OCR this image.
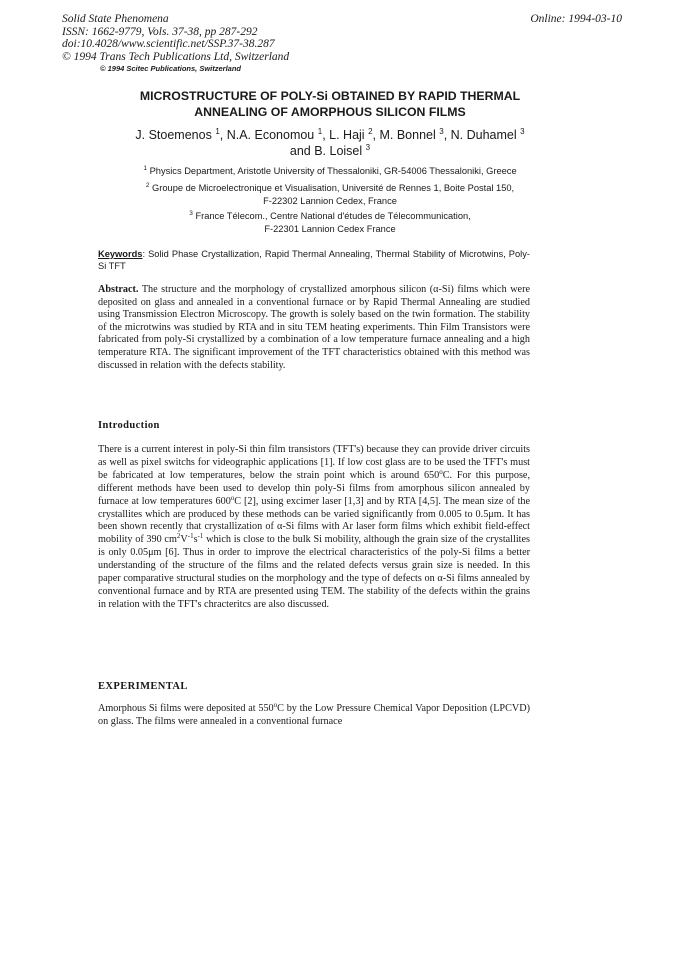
Solid State Phenomena
ISSN: 1662-9779, Vols. 37-38, pp 287-292
doi:10.4028/www.scientific.net/SSP.37-38.287
© 1994 Trans Tech Publications Ltd, Switzerland
Online: 1994-03-10
© 1994 Scitec Publications, Switzerland
MICROSTRUCTURE OF POLY-Si OBTAINED BY RAPID THERMAL
ANNEALING OF AMORPHOUS SILICON FILMS
J. Stoemenos $^1$, N.A. Economou $^1$, L. Haji $^2$, M. Bonnel $^3$, N. Duhamel $^3$
and B. Loisel $^3$
$^1$ Physics Department, Aristotle University of Thessaloniki, GR-54006 Thessaloniki, Greece
$^2$ Groupe de Microelectronique et Visualisation, Université de Rennes 1, Boite Postal 150,
F-22302 Lannion Cedex, France
$^3$ France Télecom., Centre National d'études de Télecommunication,
F-22301 Lannion Cedex France
Keywords: Solid Phase Crystallization, Rapid Thermal Annealing, Thermal Stability of Microtwins, Poly-Si TFT
Abstract. The structure and the morphology of crystallized amorphous silicon (α-Si) films which were deposited on glass and annealed in a conventional furnace or by Rapid Thermal Annealing are studied using Transmission Electron Microscopy. The growth is solely based on the twin formation. The stability of the microtwins was studied by RTA and in situ TEM heating experiments. Thin Film Transistors were fabricated from poly-Si crystallized by a combination of a low temperature furnace annealing and a high temperature RTA. The significant improvement of the TFT characteristics obtained with this method was discussed in relation with the defects stability.
Introduction
There is a current interest in poly-Si thin film transistors (TFT's) because they can provide driver circuits as well as pixel switchs for videographic applications [1]. If low cost glass are to be used the TFT's must be fabricated at low temperatures, below the strain point which is around 650$^o$C. For this purpose, different methods have been used to develop thin poly-Si films from amorphous silicon annealed by furnace at low temperatures 600$^o$C [2], using excimer laser [1,3] and by RTA [4,5]. The mean size of the crystallites which are produced by these methods can be varied significantly from 0.005 to 0.5μm. It has been shown recently that crystallization of α-Si films with Ar laser form films which exhibit field-effect mobility of 390 $cm^2V^{-1}s^{-1}$ which is close to the bulk Si mobility, although the grain size of the crystallites is only 0.05μm [6]. Thus in order to improve the electrical characteristics of the poly-Si films a better understanding of the structure of the films and the related defects versus grain size is needed. In this paper comparative structural studies on the morphology and the type of defects on α-Si films annealed by conventional furnace and by RTA are presented using TEM. The stability of the defects within the grains in relation with the TFT's chracteritcs are also discussed.
EXPERIMENTAL
Amorphous Si films were deposited at 550$^o$C by the Low Pressure Chemical Vapor Deposition (LPCVD) on glass. The films were annealed in a conventional furnace
